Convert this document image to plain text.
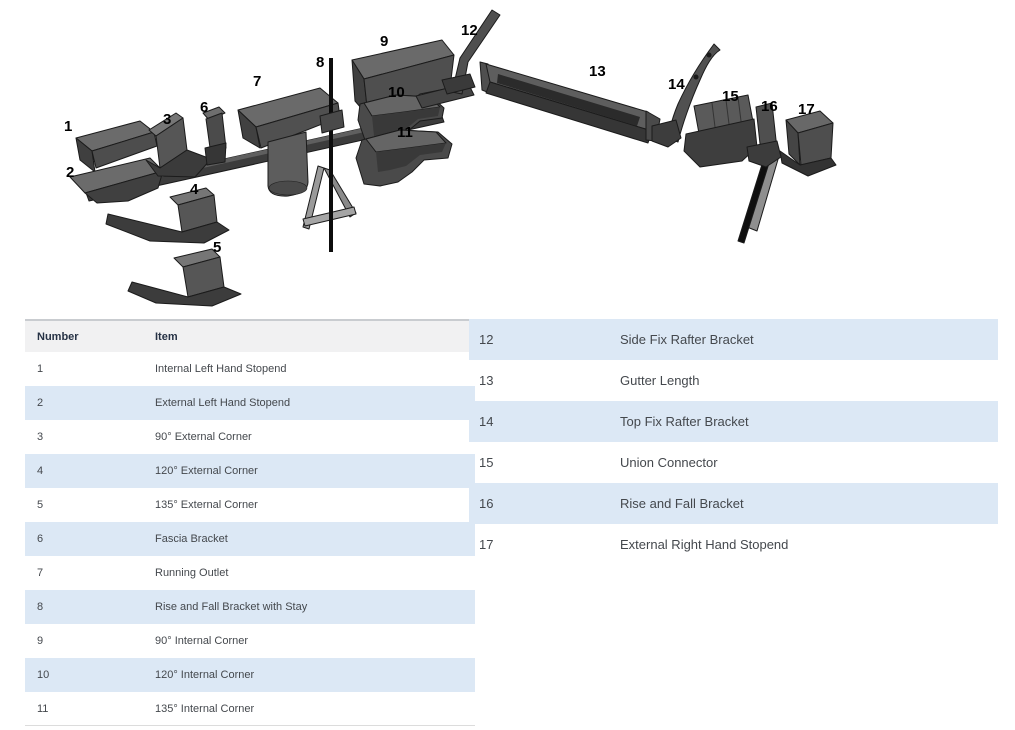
1
2
3
4
5
6
7
8
9
10
11
12
13
14
15
16 17
Number	Item
1	Internal Left Hand Stopend
2	External Left Hand Stopend
3	90° External Corner
4	120° External Corner
5	135° External Corner
6	Fascia Bracket
7	Running Outlet
8	Rise and Fall Bracket with Stay
9	90° Internal Corner
10	120° Internal Corner
11	135° Internal Corner
12	Side Fix Rafter Bracket
13	Gutter Length
14	Top Fix Rafter Bracket
15	Union Connector
16	Rise and Fall Bracket
17	External Right Hand Stopend
